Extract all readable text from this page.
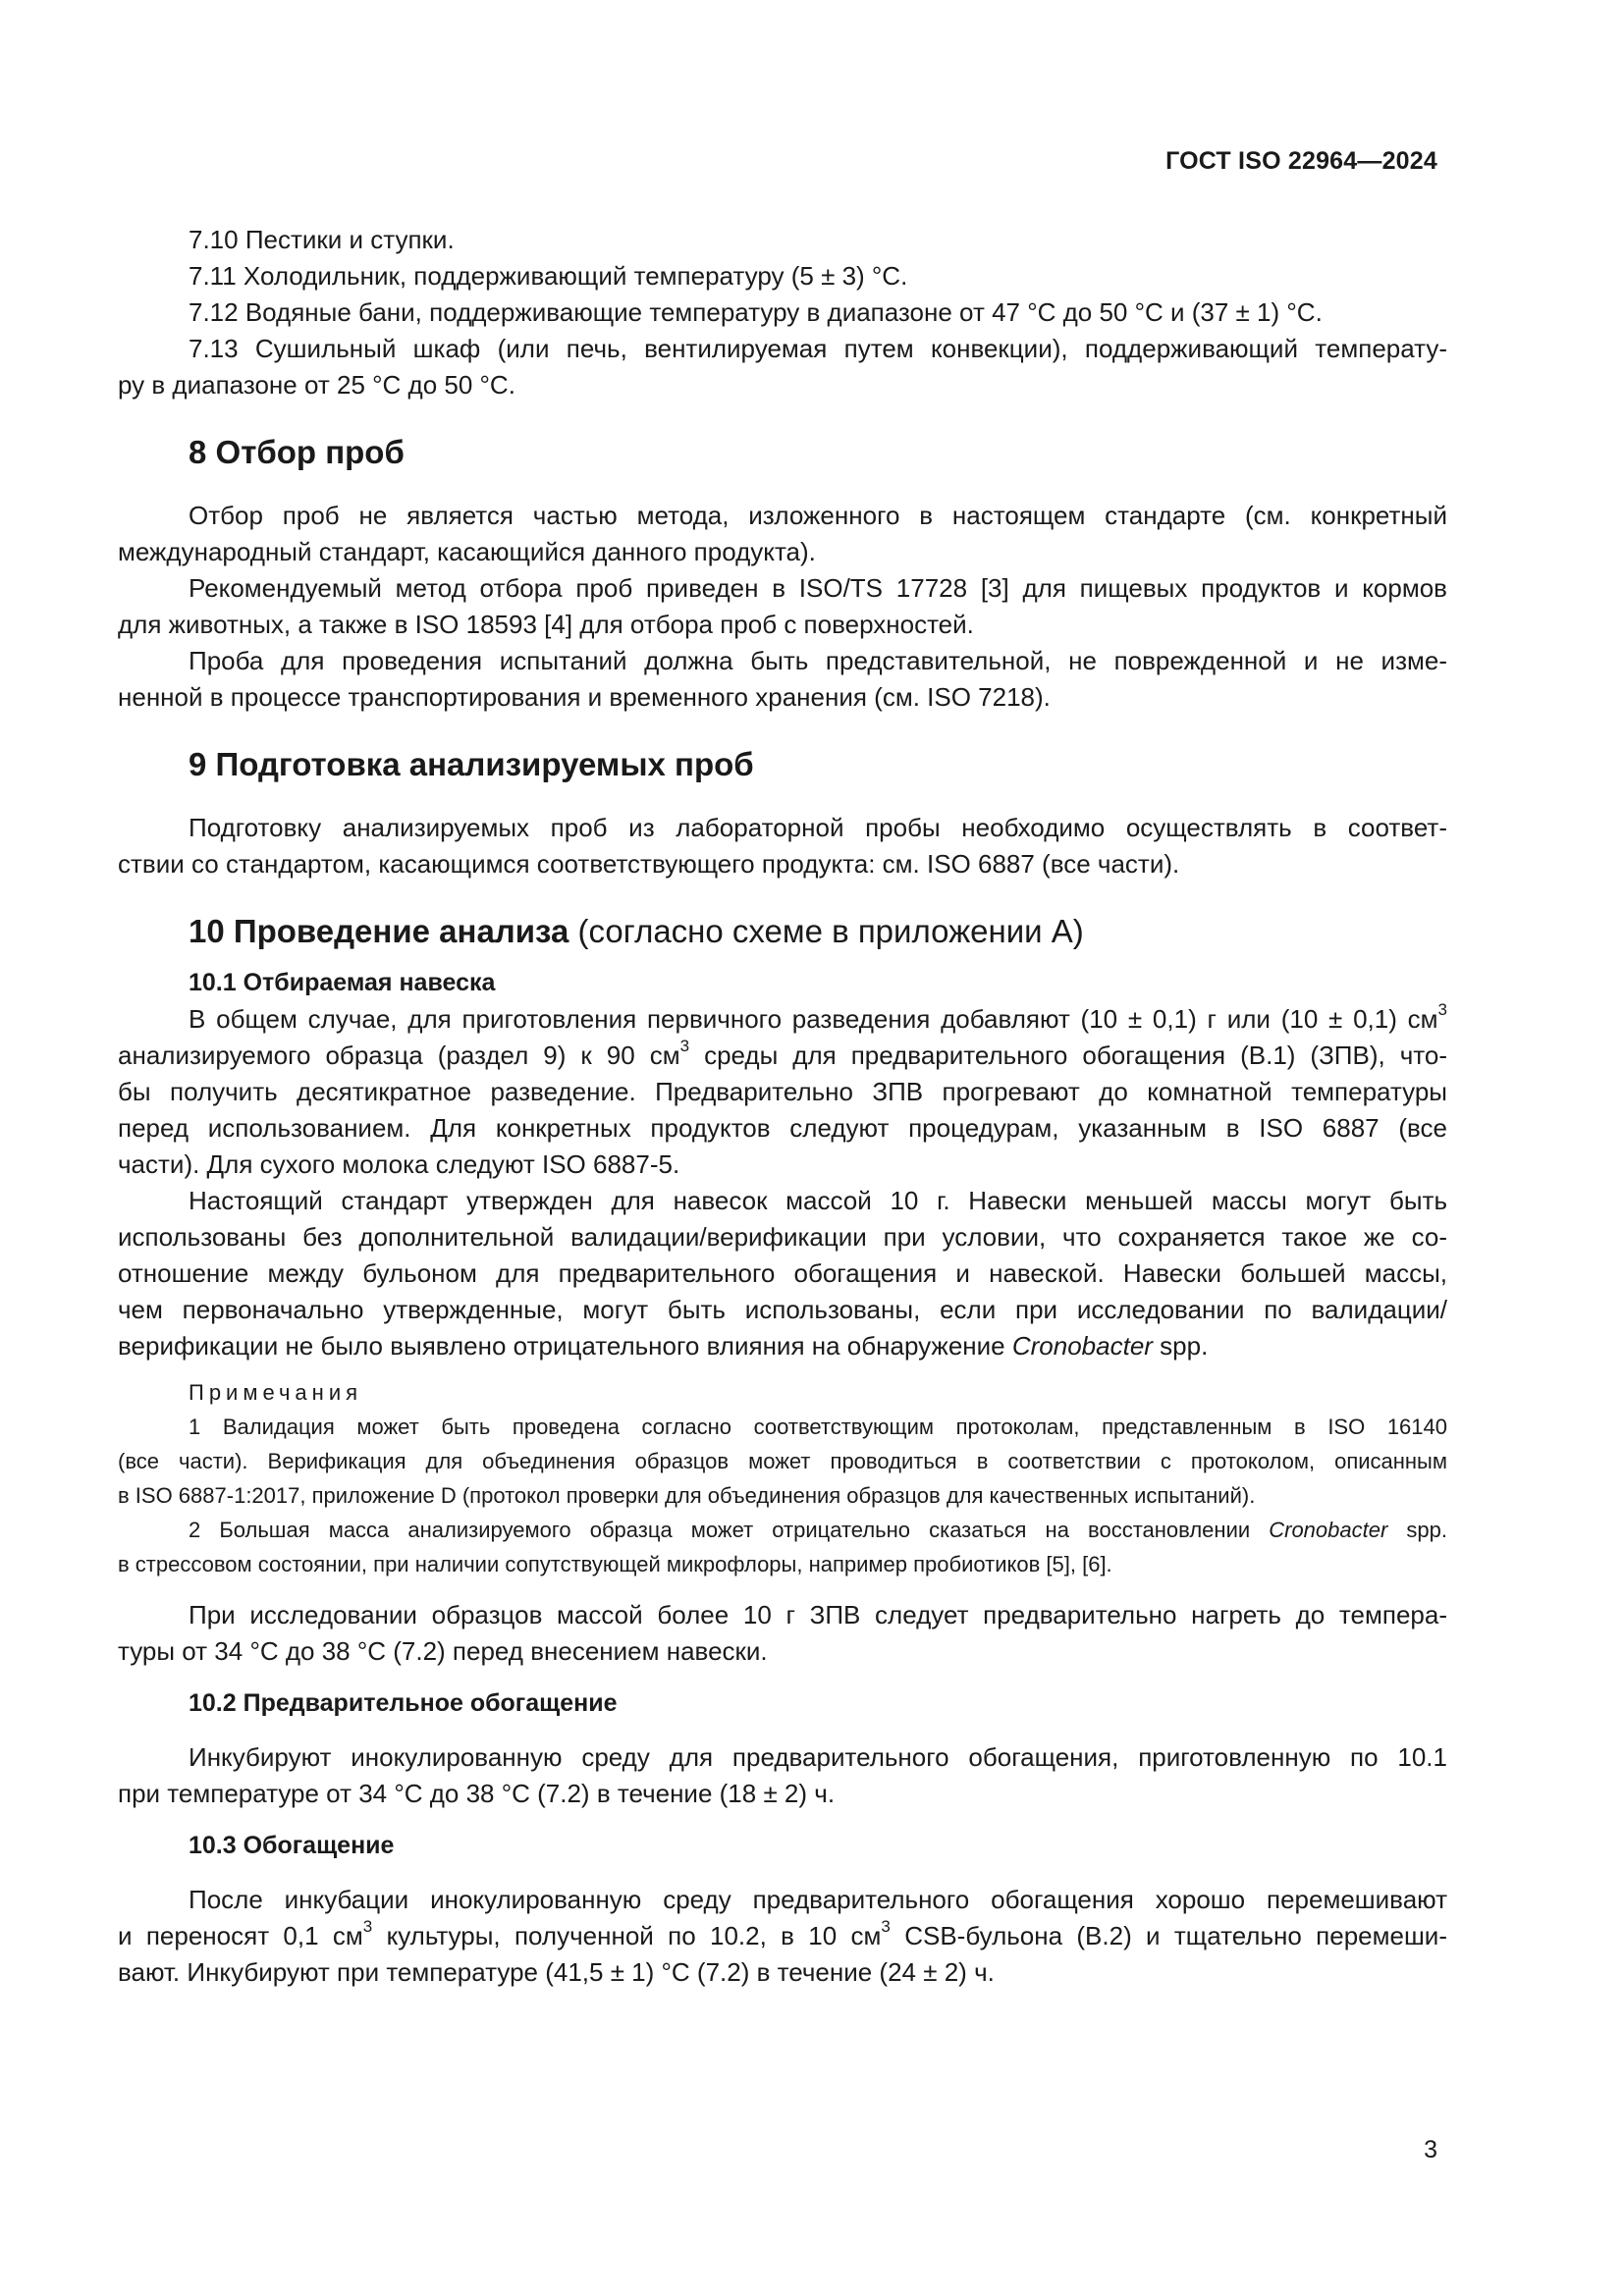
ГОСТ ISO 22964—2024
7.10 Пестики и ступки.
7.11 Холодильник, поддерживающий температуру (5 ± 3) °С.
7.12 Водяные бани, поддерживающие температуру в диапазоне от 47 °С до 50 °С и (37 ± 1) °С.
7.13 Сушильный шкаф (или печь, вентилируемая путем конвекции), поддерживающий температу-
ру в диапазоне от 25 °С до 50 °С.
8 Отбор проб
Отбор проб не является частью метода, изложенного в настоящем стандарте (см. конкретный
международный стандарт, касающийся данного продукта).
Рекомендуемый метод отбора проб приведен в ISO/TS 17728 [3] для пищевых продуктов и кормов
для животных, а также в ISO 18593 [4] для отбора проб с поверхностей.
Проба для проведения испытаний должна быть представительной, не поврежденной и не изме-
ненной в процессе транспортирования и временного хранения (см. ISO 7218).
9 Подготовка анализируемых проб
Подготовку анализируемых проб из лабораторной пробы необходимо осуществлять в соответ-
ствии со стандартом, касающимся соответствующего продукта: см. ISO 6887 (все части).
10 Проведение анализа (согласно схеме в приложении А)
10.1 Отбираемая навеска
В общем случае, для приготовления первичного разведения добавляют (10 ± 0,1) г или (10 ± 0,1) $см^3$
анализируемого образца (раздел 9) к 90 $см^3$ среды для предварительного обогащения (В.1) (ЗПВ), что-
бы получить десятикратное разведение. Предварительно ЗПВ прогревают до комнатной температуры
перед использованием. Для конкретных продуктов следуют процедурам, указанным в ISO 6887 (все
части). Для сухого молока следуют ISO 6887-5.
Настоящий стандарт утвержден для навесок массой 10 г. Навески меньшей массы могут быть
использованы без дополнительной валидации/верификации при условии, что сохраняется такое же со-
отношение между бульоном для предварительного обогащения и навеской. Навески большей массы,
чем первоначально утвержденные, могут быть использованы, если при исследовании по валидации/
верификации не было выявлено отрицательного влияния на обнаружение Cronobacter spp.
Примечания
1 Валидация может быть проведена согласно соответствующим протоколам, представленным в ISO 16140
(все части). Верификация для объединения образцов может проводиться в соответствии с протоколом, описанным
в ISO 6887-1:2017, приложение D (протокол проверки для объединения образцов для качественных испытаний).
2 Большая масса анализируемого образца может отрицательно сказаться на восстановлении Cronobacter spp.
в стрессовом состоянии, при наличии сопутствующей микрофлоры, например пробиотиков [5], [6].
При исследовании образцов массой более 10 г ЗПВ следует предварительно нагреть до темпера-
туры от 34 °С до 38 °С (7.2) перед внесением навески.
10.2 Предварительное обогащение
Инкубируют инокулированную среду для предварительного обогащения, приготовленную по 10.1
при температуре от 34 °С до 38 °С (7.2) в течение (18 ± 2) ч.
10.3 Обогащение
После инкубации инокулированную среду предварительного обогащения хорошо перемешивают
и переносят 0,1 $см^3$ культуры, полученной по 10.2, в 10 $см^3$ CSB-бульона (В.2) и тщательно перемеши-
вают. Инкубируют при температуре (41,5 ± 1) °С (7.2) в течение (24 ± 2) ч.
3
